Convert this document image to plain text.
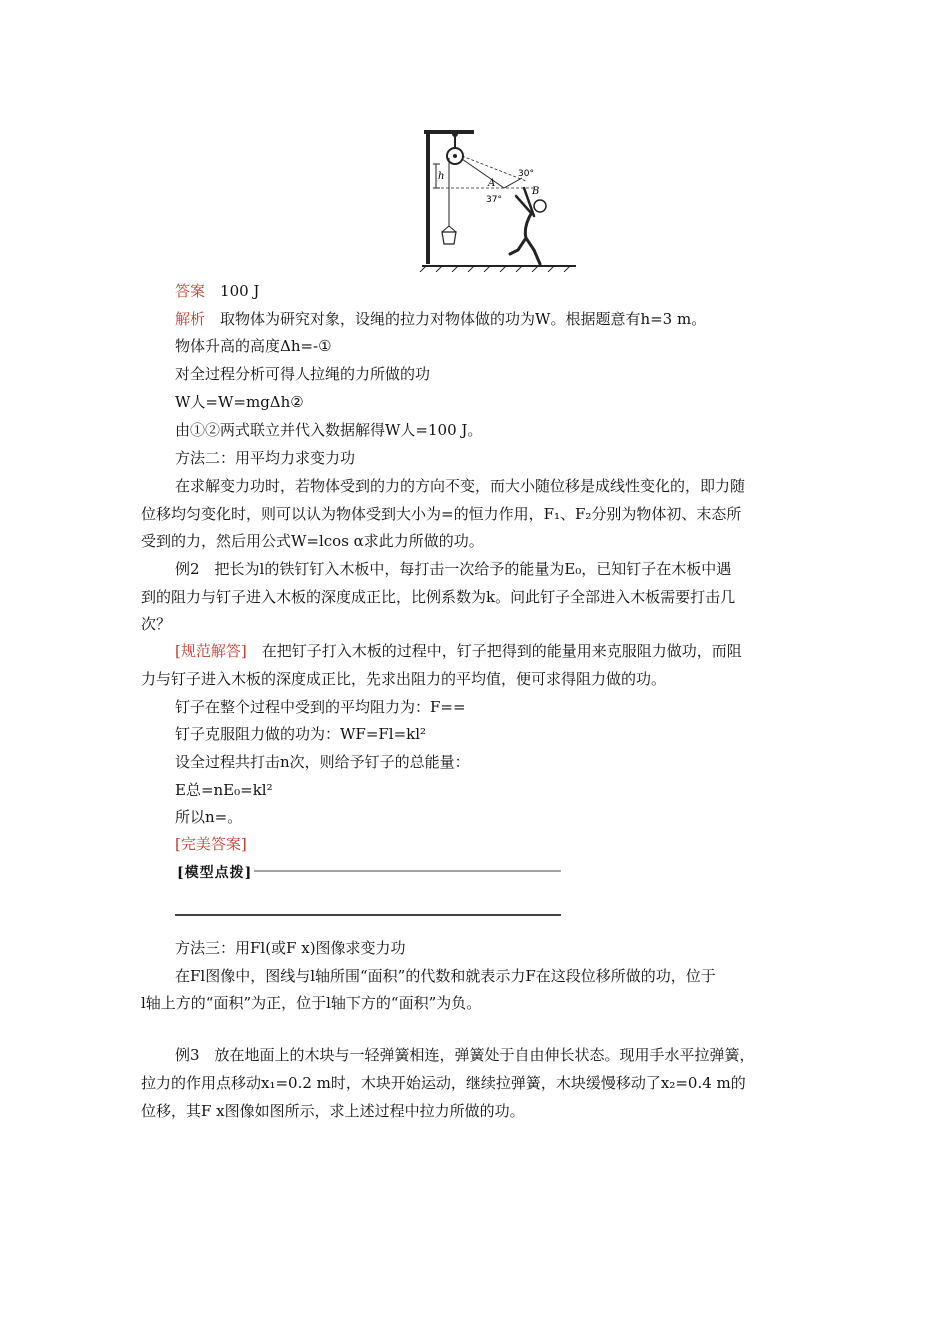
h	30°
37°
A
B
答案　 100 J
解析　 取物体为研究对象，设绳的拉力对物体做的功为W。根据题意有h=3 m。
物体升高的高度Δh=-①
对全过程分析可得人拉绳的力所做的功
W人=W=mgΔh②
由①②两式联立并代入数据解得W人=100 J。
方法二：用平均力求变力功
在求解变力功时，若物体受到的力的方向不变，而大小随位移是成线性变化的，即力随
位移均匀变化时，则可以认为物体受到大小为=的恒力作用，F₁、F₂分别为物体初、末态所
受到的力，然后用公式W=lcos α求此力所做的功。
例2　把长为l的铁钉钉入木板中，每打击一次给予的能量为E₀，已知钉子在木板中遇
到的阻力与钉子进入木板的深度成正比，比例系数为k。问此钉子全部进入木板需要打击几
次？
[规范解答]　 在把钉子打入木板的过程中，钉子把得到的能量用来克服阻力做功，而阻
力与钉子进入木板的深度成正比，先求出阻力的平均值，便可求得阻力做的功。
钉子在整个过程中受到的平均阻力为：F==
钉子克服阻力做的功为：WF=Fl=kl²
设全过程共打击n次，则给予钉子的总能量：
E总=nE₀=kl²
所以n=。
[完美答案]
[模型点拨]
方法三：用Fl(或F x)图像求变力功
在Fl图像中，图线与l轴所围“面积”的代数和就表示力F在这段位移所做的功，位于
l轴上方的“面积”为正，位于l轴下方的“面积”为负。
例3　放在地面上的木块与一轻弹簧相连，弹簧处于自由伸长状态。现用手水平拉弹簧，
拉力的作用点移动x₁=0.2 m时，木块开始运动，继续拉弹簧，木块缓慢移动了x₂=0.4 m的
位移，其F x图像如图所示，求上述过程中拉力所做的功。
